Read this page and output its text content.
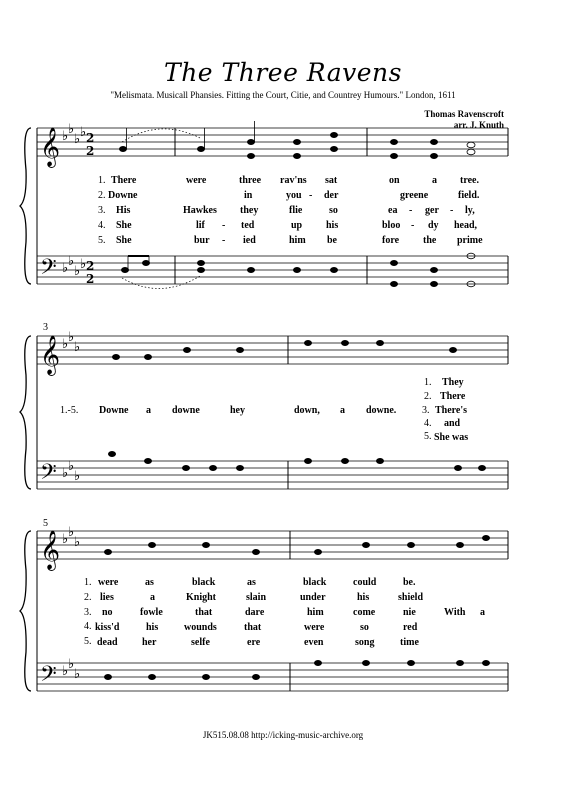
The Three Ravens
"Melismata. Musicall Phansies. Fitting the Court, Citie, and Countrey Humours." London, 1611
Thomas Ravenscroft
arr. J. Knuth
𝄞
𝄢
𝄞
𝄢
𝄞
𝄢
♭ ♭
♭ ♭
♭ ♭
♭ ♭
♭ ♭
♭
♭ ♭
♭
♭ ♭
♭
♭ ♭
♭
2
2
2
2
1. There	were	three rav'ns sat	on	a tree.
2. Downe	in	you - der	greene	field.
3. His	Hawkes they	flie	so	ea - ger - ly,
4. She	lif - ted	up his	bloo - dy head,
5. She	bur - ied	him be	fore the prime
3
1.-5. Downe a downe	hey	down, a downe.
1. They
2. There
3. There's
4. and
5. She was
5
1. were	as	black	as	black	could	be.
2. lies	a	Knight	slain	under	his	shield
3. no	fowle	that	dare	him	come	nie	With a
4. kiss'd	his	wounds	that	were	so	red
5. dead her	selfe	ere	even	song	time
JK515.08.08 http://icking-music-archive.org
